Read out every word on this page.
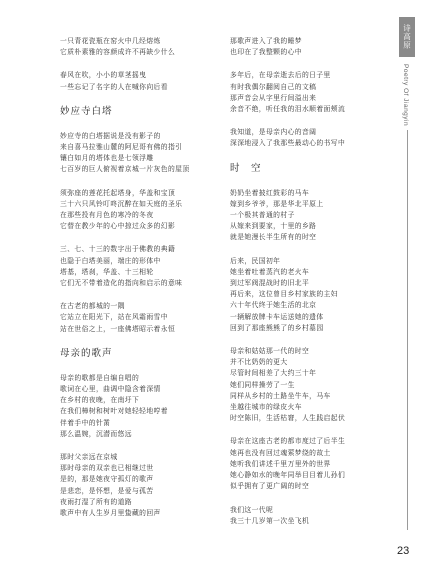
诗高原
Poetry Of Jiangyin
一只青花瓷瓶在窑火中几经熔炼
它质朴素雅的容颜成许不再缺少什么
春风在吹，小小的草茎摇曳
一些忘记了名字的人在喊你向后看
妙应寺白塔
妙应寺的白塔据说是没有影子的
来自喜马拉雅山麓的阿尼哥有佛的指引
镶白如月的塔体也是七领浮雕
七百岁的巨人俯视着京城一片灰色的屋顶
须弥座的莲花托起塔身，华盖和宝顶
三十六只风铃叮咚沉醉在如天庭的圣乐
在那些投有月色的寒冷的冬夜
它替在教少年的心中掠过众多的幻影
三、七、十三的数字出于佛教的典籍
也隐于白塔美丽，端庄的形体中
塔基，塔刹，华盖、十三相轮
它们无不带着造化的指向和启示的意味
在古老的都城的一隅
它站立在阳光下，站在风霜雨雪中
站在世俗之上，一座佛塔昭示着永恒
母亲的歌声
母亲的歌都是自编自唱的
歌词在心里，曲调中隐含着深情
在乡村的夜晚，在南圩下
在我们樟树和树叶对她轻轻地哼着
伴着手中的针黹
那么温婉，沉潜而悠远
那时父亲远在京城
那时母亲的双亲也已相继过世
是的，那是她夜守孤灯的歌声
是悲恋，是怀想，是爱与孤苦
夜雨打湿了所有的道路
歌声中有人生岁月里蛰藏的回声
那歌声进入了我的睡梦
也印在了我整颗的心中
多年后，在母亲逝去后的日子里
有时我偶尔翻阅自己的文稿
那声音会从字里行间溢出来
余音不绝，听任我的泪水顺着面颊流
我知道，是母亲内心的音阔
深深地浸入了我那些最动心的书写中
时　空
奶奶坐着披红鼓彩的马车
嫁到乡爷爷，那是华北平原上
一个极其普通的村子
从嫁来到要家，十里的乡路
就是她漫长半生所有的时空
后来，民国初年
她坐着吐着蒸汽的老火车
到过军阀混战时的旧北平
再后来，这位曾目乡村家族的主妇
六十年代终于她生活的北京
一辆解放牌卡车运送她的遗体
回到了那座熊熊了的乡村墓园
母亲和姑姑那一代的时空
并不比奶奶的更大
尽管时间相差了大约三十年
她们同样操劳了一生
同样从乡村的土路坐牛车，马车
坐越往城市的绿皮火车
时空陈旧，生活枯窘，人生践启起伏
母亲在这座古老的都市度过了后半生
她再也没有回过魂萦梦绕的故土
她听我们讲述千里万里外的世界
她心静如水的晚年同举目目着儿孙们
似乎拥有了更广阔的时空
我们这一代呢
我三十几岁第一次坐飞机
23
